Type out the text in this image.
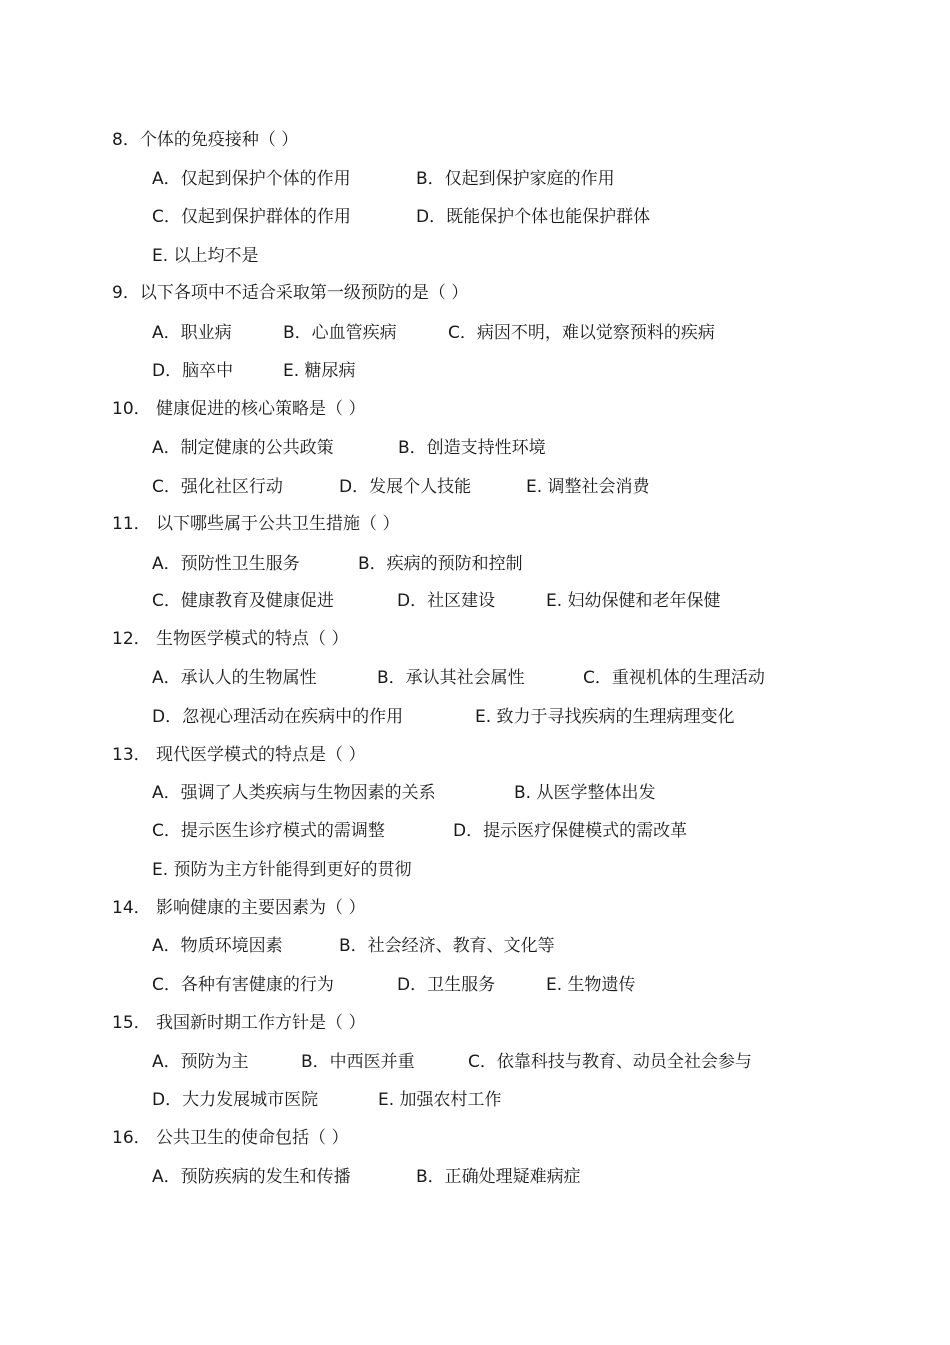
8．个体的免疫接种（ ）
A．仅起到保护个体的作用	B．仅起到保护家庭的作用
C．仅起到保护群体的作用	D．既能保护个体也能保护群体
E. 以上均不是
9．以下各项中不适合采取第一级预防的是（ ）
A．职业病	B．心血管疾病	C．病因不明，难以觉察预料的疾病
D．脑卒中	E. 糖尿病
10． 健康促进的核心策略是（ ）
A．制定健康的公共政策	B．创造支持性环境
C．强化社区行动	D．发展个人技能	E. 调整社会消费
11． 以下哪些属于公共卫生措施（ ）
A．预防性卫生服务	B．疾病的预防和控制
C．健康教育及健康促进	D．社区建设	E. 妇幼保健和老年保健
12． 生物医学模式的特点（ ）
A．承认人的生物属性	B．承认其社会属性	C．重视机体的生理活动
D．忽视心理活动在疾病中的作用	E. 致力于寻找疾病的生理病理变化
13． 现代医学模式的特点是（ ）
A．强调了人类疾病与生物因素的关系	B. 从医学整体出发
C．提示医生诊疗模式的需调整	D．提示医疗保健模式的需改革
E. 预防为主方针能得到更好的贯彻
14． 影响健康的主要因素为（ ）
A．物质环境因素	B．社会经济、教育、文化等
C．各种有害健康的行为	D．卫生服务	E. 生物遗传
15． 我国新时期工作方针是（ ）
A．预防为主	B．中西医并重	C．依靠科技与教育、动员全社会参与
D．大力发展城市医院	E. 加强农村工作
16． 公共卫生的使命包括（ ）
A．预防疾病的发生和传播	B．正确处理疑难病症
